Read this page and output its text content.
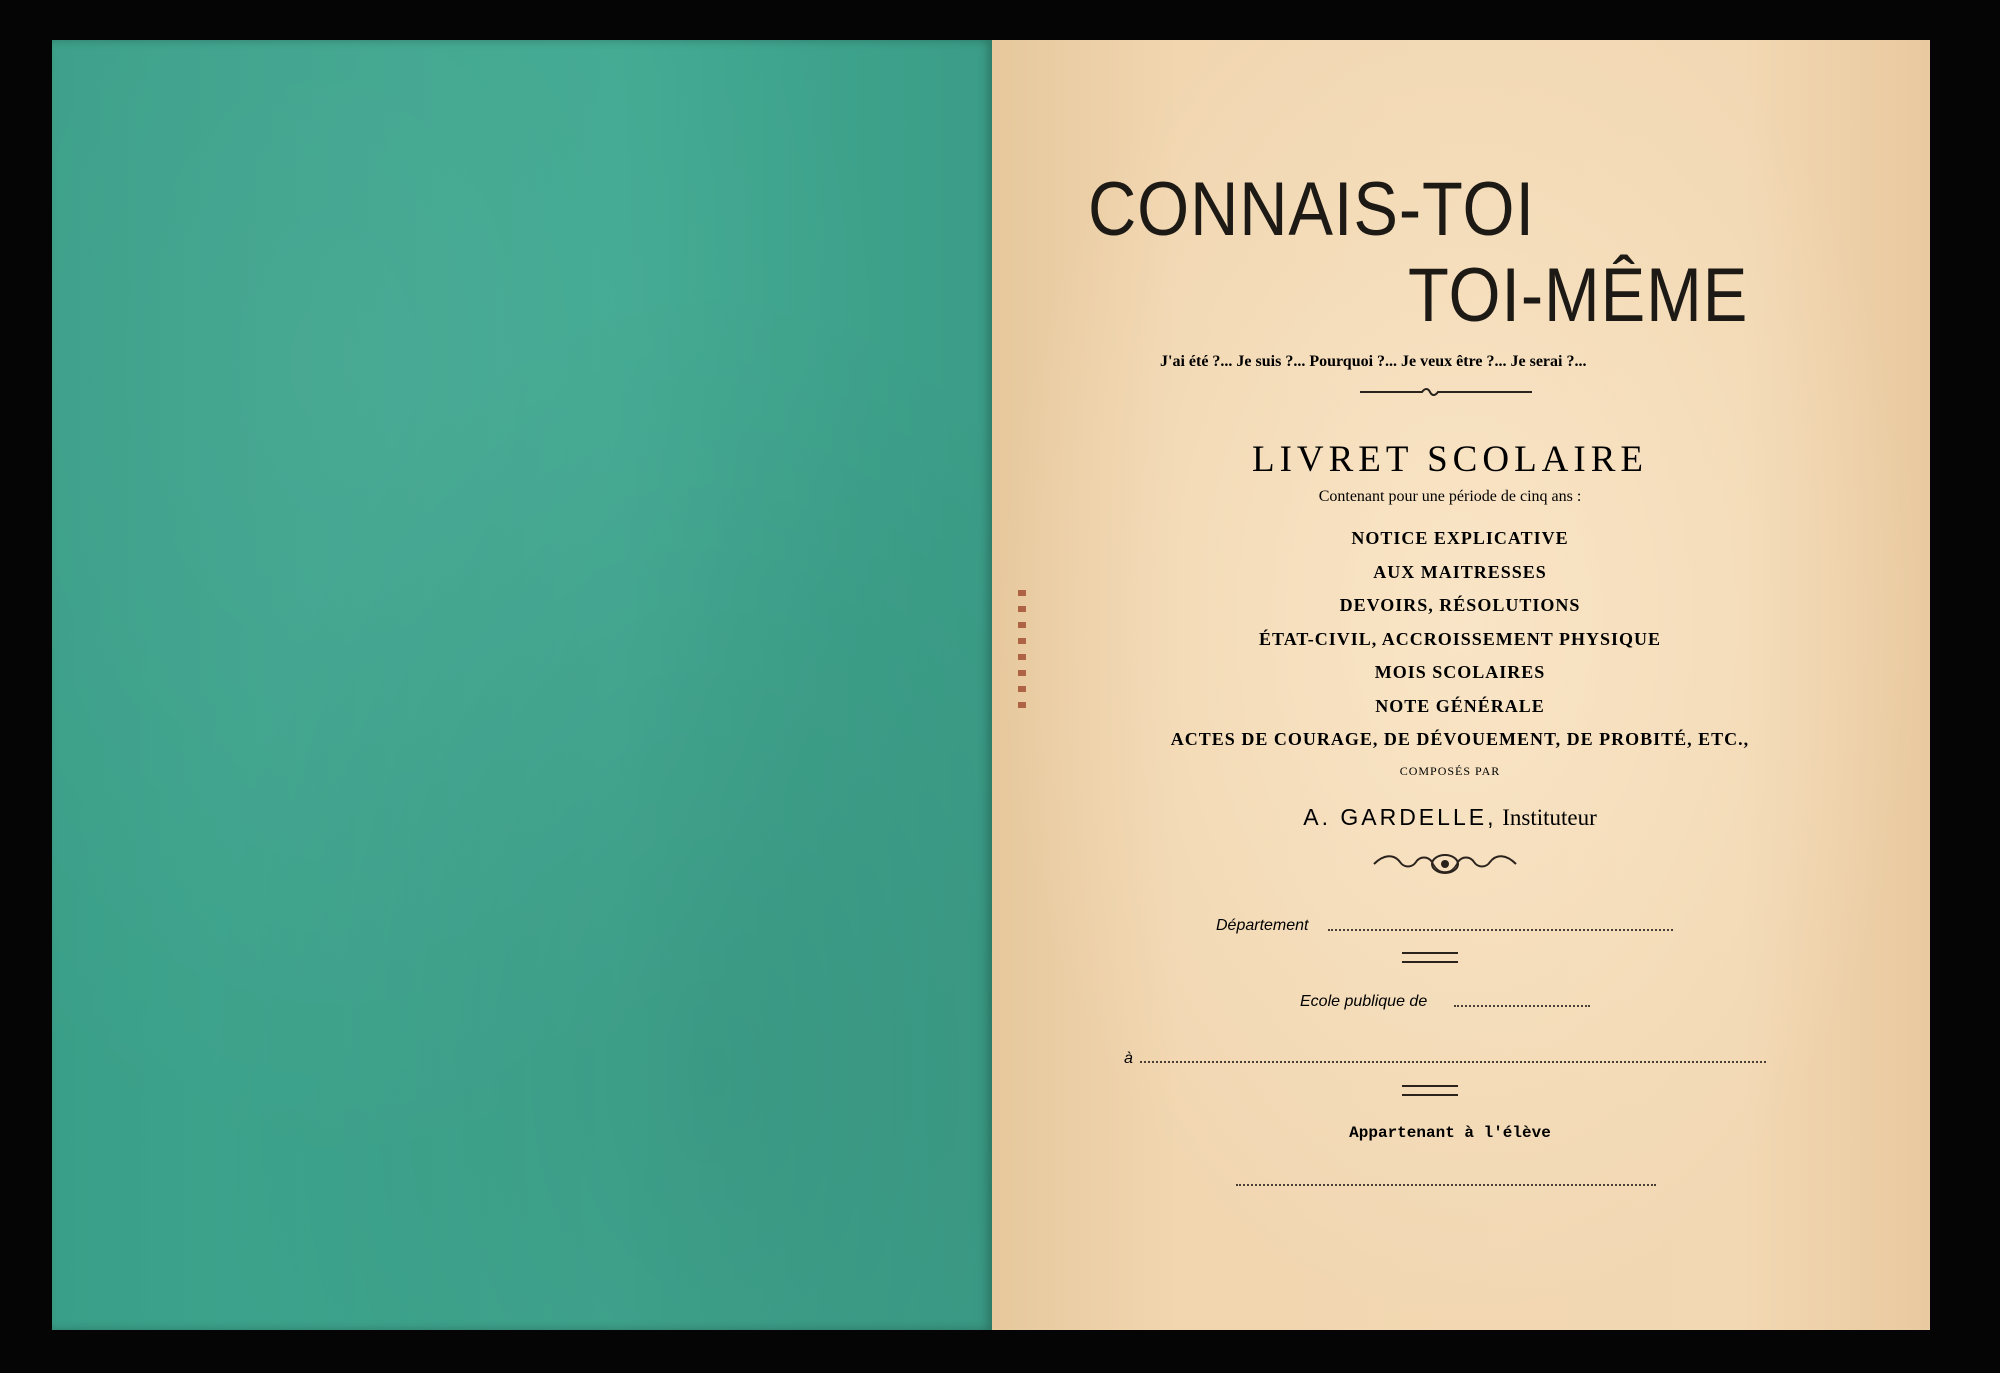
CONNAIS-TOI
TOI-MÊME
J'ai été ?... Je suis ?... Pourquoi ?... Je veux être ?... Je serai ?...
LIVRET SCOLAIRE
Contenant pour une période de cinq ans :
NOTICE EXPLICATIVE
AUX MAITRESSES
DEVOIRS, RÉSOLUTIONS
ÉTAT-CIVIL, ACCROISSEMENT PHYSIQUE
MOIS SCOLAIRES
NOTE GÉNÉRALE
ACTES DE COURAGE, DE DÉVOUEMENT, DE PROBITÉ, ETC.,
COMPOSÉS PAR
A. GARDELLE, Instituteur
Département
Ecole publique de
à
Appartenant à l'élève
